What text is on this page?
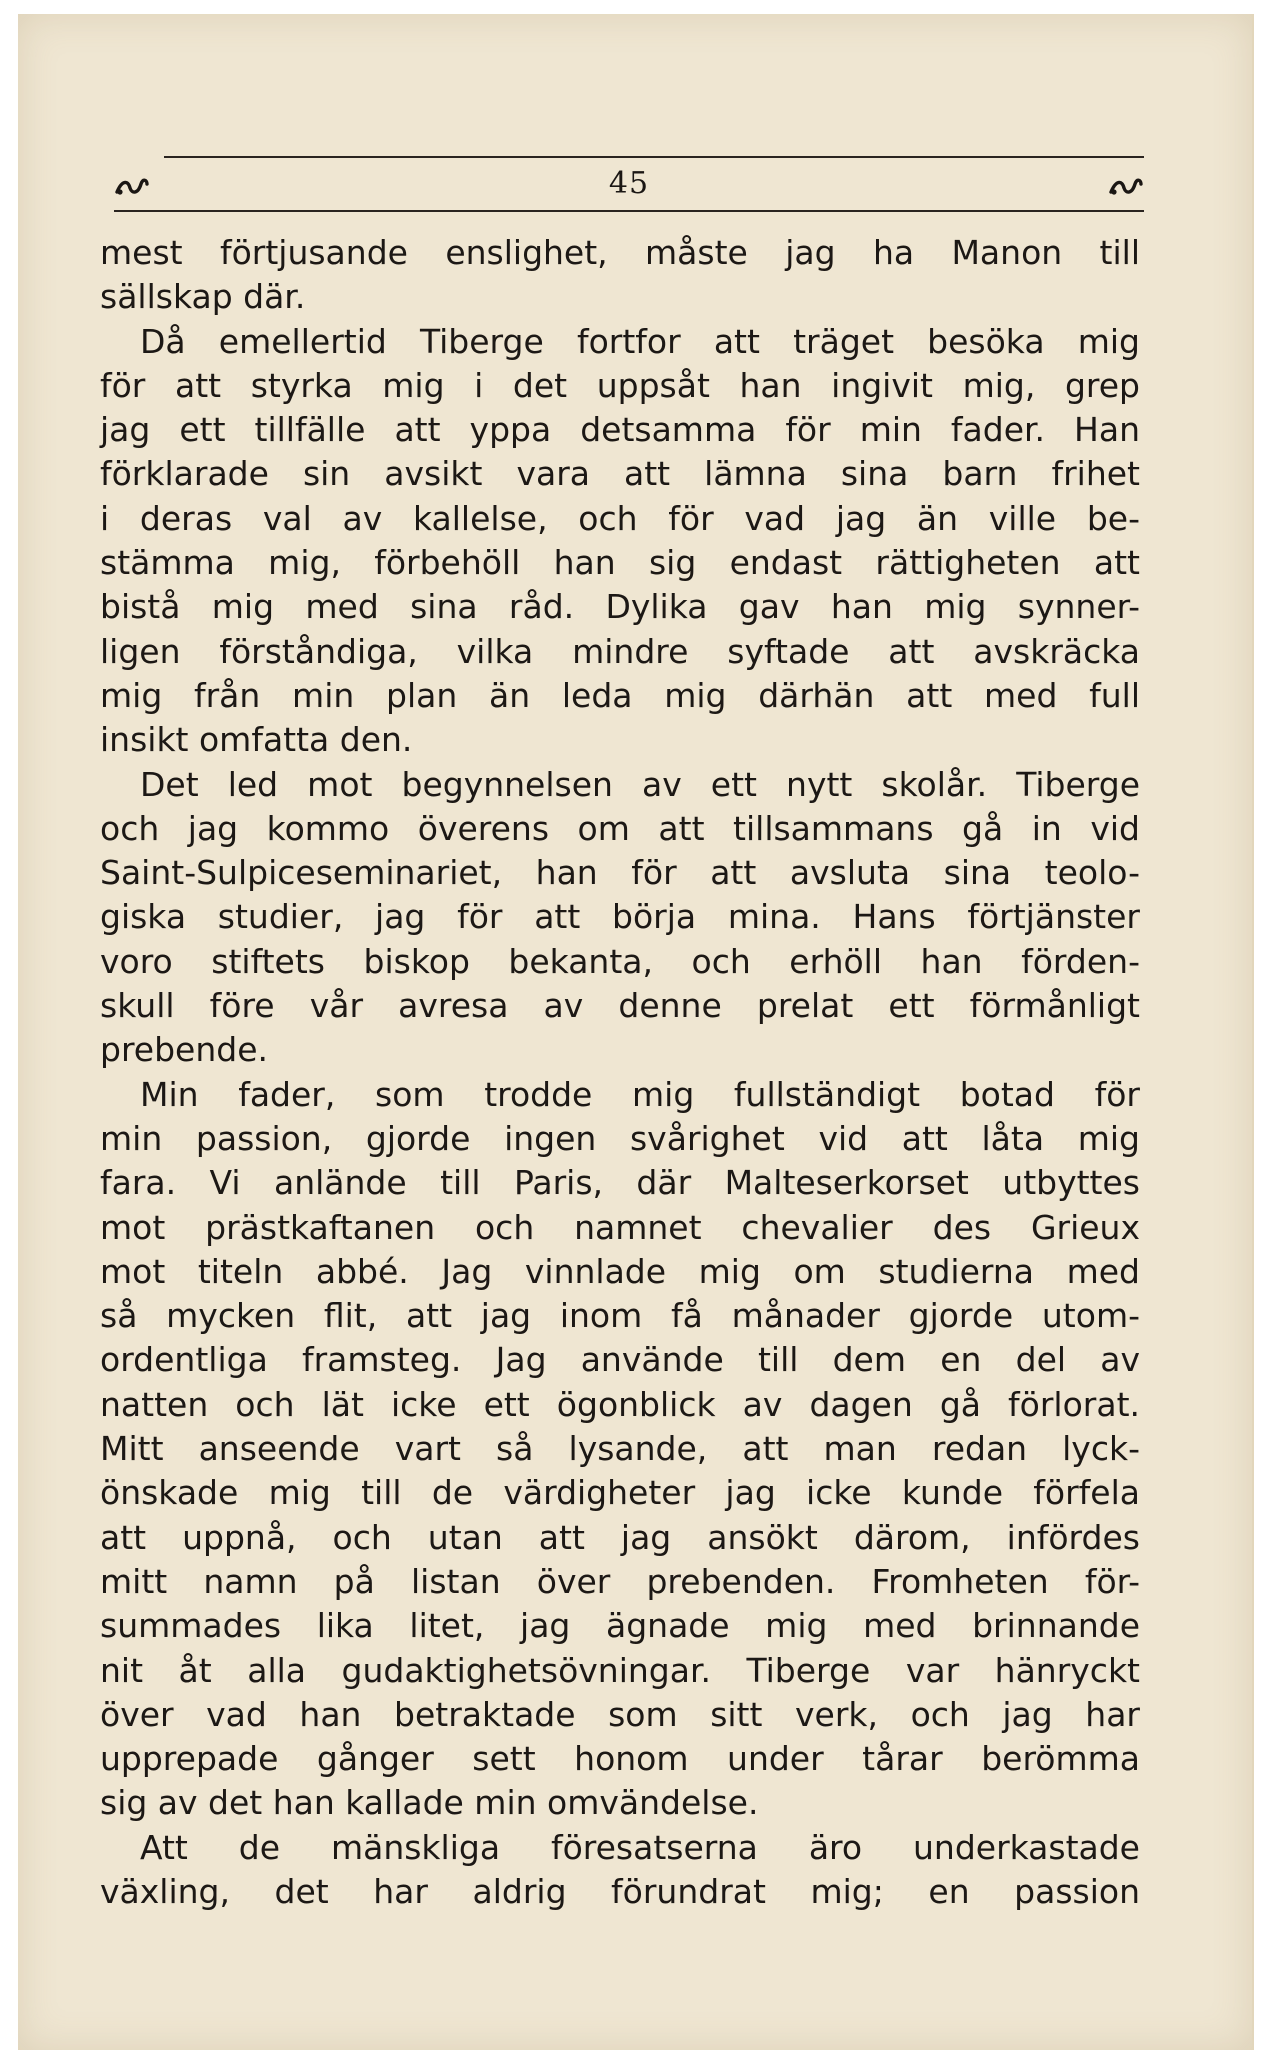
45
mest förtjusande enslighet, måste jag ha Manon till
sällskap där.
Då emellertid Tiberge fortfor att träget besöka mig
för att styrka mig i det uppsåt han ingivit mig, grep
jag ett tillfälle att yppa detsamma för min fader. Han
förklarade sin avsikt vara att lämna sina barn frihet
i deras val av kallelse, och för vad jag än ville be-
stämma mig, förbehöll han sig endast rättigheten att
bistå mig med sina råd. Dylika gav han mig synner-
ligen förståndiga, vilka mindre syftade att avskräcka
mig från min plan än leda mig därhän att med full
insikt omfatta den.
Det led mot begynnelsen av ett nytt skolår. Tiberge
och jag kommo överens om att tillsammans gå in vid
Saint-Sulpiceseminariet, han för att avsluta sina teolo-
giska studier, jag för att börja mina. Hans förtjänster
voro stiftets biskop bekanta, och erhöll han förden-
skull före vår avresa av denne prelat ett förmånligt
prebende.
Min fader, som trodde mig fullständigt botad för
min passion, gjorde ingen svårighet vid att låta mig
fara. Vi anlände till Paris, där Malteserkorset utbyttes
mot prästkaftanen och namnet chevalier des Grieux
mot titeln abbé. Jag vinnlade mig om studierna med
så mycken flit, att jag inom få månader gjorde utom-
ordentliga framsteg. Jag använde till dem en del av
natten och lät icke ett ögonblick av dagen gå förlorat.
Mitt anseende vart så lysande, att man redan lyck-
önskade mig till de värdigheter jag icke kunde förfela
att uppnå, och utan att jag ansökt därom, infördes
mitt namn på listan över prebenden. Fromheten för-
summades lika litet, jag ägnade mig med brinnande
nit åt alla gudaktighetsövningar. Tiberge var hänryckt
över vad han betraktade som sitt verk, och jag har
upprepade gånger sett honom under tårar berömma
sig av det han kallade min omvändelse.
Att de mänskliga föresatserna äro underkastade
växling, det har aldrig förundrat mig; en passion
